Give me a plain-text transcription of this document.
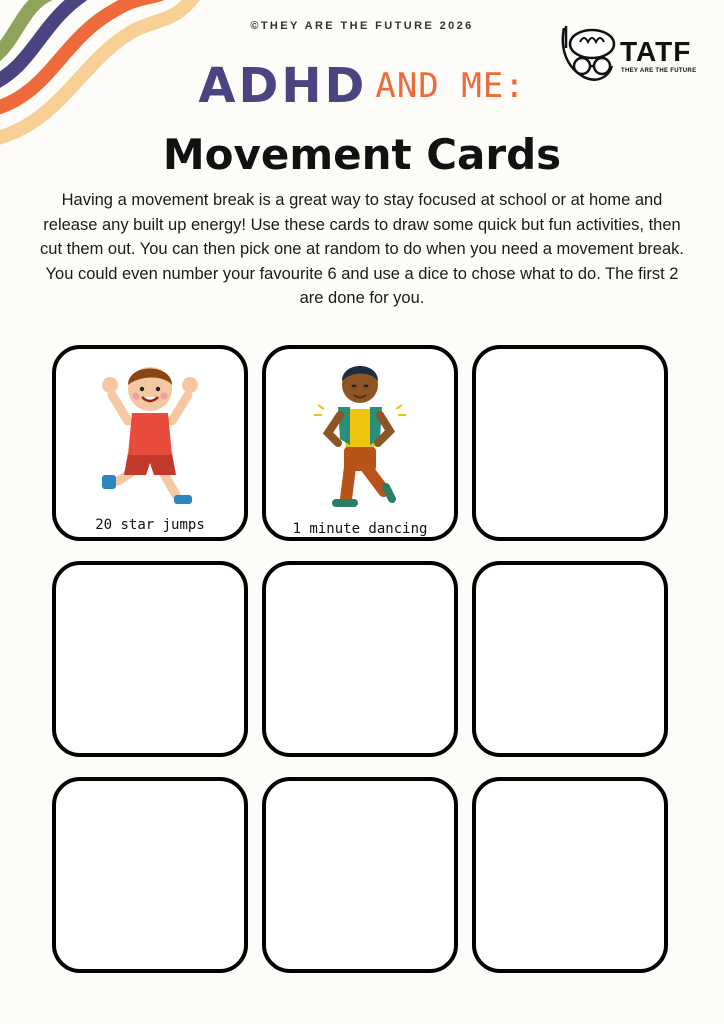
©THEY ARE THE FUTURE 2026
TATF
THEY ARE THE FUTURE
ADHD AND ME:
Movement Cards
Having a movement break is a great way to stay focused at school or at home and release any built up energy! Use these cards to draw some quick but fun activities, then cut them out. You can then pick one at random to do when you need a movement break. You could even number your favourite 6 and use a dice to chose what to do. The first 2 are done for you.
20 star jumps	1 minute dancing
